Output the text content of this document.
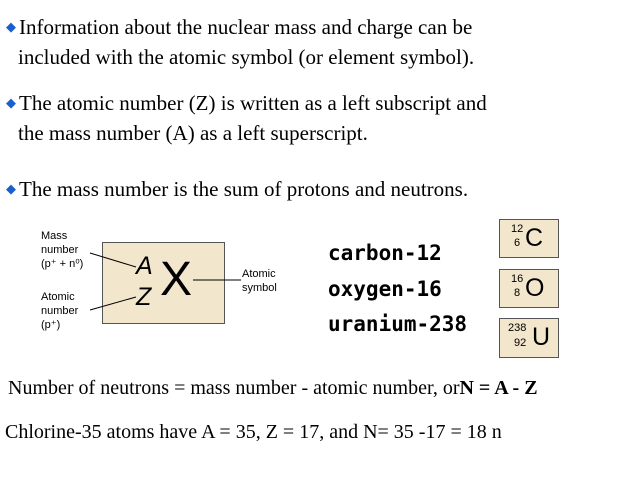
◆ Information about the nuclear mass and charge can be
included with the atomic symbol (or element symbol).
◆ The atomic number (Z) is written as a left subscript and
the mass number (A) as a left superscript.
◆ The mass number is the sum of protons and neutrons.
Mass
number
(p⁺ + n⁰)
Atomic
number
(p⁺)
A
Z X	Atomic
symbol
carbon-12
oxygen-16
uranium-238
12
6 C
16
8 O
238
92 U
Number of neutrons = mass number - atomic number, orN = A - Z
Chlorine-35 atoms have A = 35, Z = 17, and N= 35 -17 = 18 n
